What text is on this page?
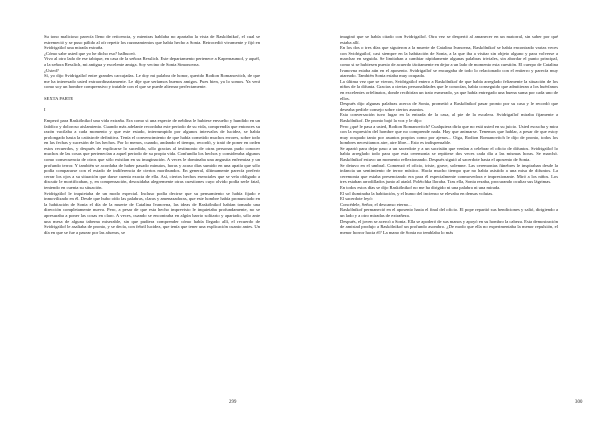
Su tono malicioso parecía lleno de reticencia, y mientras hablaba no apartaba la vista de Raskólnikof, el cual se estremeció y se puso pálido al oír repetir los razonamientos que había hecho a Sonia. Retrocedió vivamente y fijó en Svidrigaïlof una mirada extraña.

¿Cómo sabe usted que yo he dicho eso? balbuceó.

Vivo al otro lado de ese tabique, en casa de la señora Resslich. Este departamento pertenece a Kapernaumof, y aquél, a la señora Resslich, mi antigua y excelente amiga. Soy vecino de Sonia Simonovna.

¿Usted?

Sí, yo dijo Svidrigaïlof entre grandes carcajadas. Le doy mi palabra de honor, querido Rodion Romanovitch, de que me ha interesado usted extraordinariamente. Le dije que seríamos buenos amigos. Pues bien, ya lo somos. Ya verá como soy un hombre comprensivo y tratable con el que se puede alternar perfectamente.

SEXTA PARTE

I

Empezó para Raskólnikof una vida extraña. Era como si una especie de neblina le hubiese envuelto y hundido en un fatídico y doloroso aislamiento. Cuando más adelante recordaba este periodo de su vida, comprendía que entonces su razón vacilaba a cada momento y que este estado, interrumpido por algunos intervalos de lucidez, se había prolongado hasta la catástrofe definitiva. Tenía el convencimiento de que había cometido muchos errores, sobre todo en las fechas y sucesión de los hechos. Por lo menos, cuando, andando el tiempo, recordó, y trató de poner en orden estos recuerdos, y después de explicarse lo sucedido, sólo gracias al testimonio de otras personas pudo conocer muchos de las cosas que pertenecían a aquel periodo de su propia vida. Confundía los hechos y consideraba algunos como consecuencia de otros que sólo existían en su imaginación. A veces le dominaba una angustia enfermiza y un profundo terror. Y también se acordaba de haber pasado minutos, horas y acaso días sumido en una apatía que sólo podía compararse con el estado de indiferencia de ciertos moribundos. En general, últimamente parecía preferir cerrar los ojos a su situación que darse cuenta exacta de ella. Así, ciertos hechos esenciales que se veía obligado a discutir le mortificaban, y, en compensación, descuidaba alegremente otras cuestiones cuyo olvido podía serle fatal, teniendo en cuenta su situación.

Svidrigaïlof le inquietaba de un modo especial. Incluso podía decirse que su pensamiento se había fijado e inmovilizado en él. Desde que hubo oído las palabras, claras y amenazadoras, que este hombre había pronunciado en la habitación de Sonia el día de la muerte de Catalina Ivanovna, las ideas de Raskólnikof habían tomado una dirección completamente nueva. Pero, a pesar de que esta hecho imprevisto le inquietaba profundamente, no se apresuraba a poner las cosas en claro. A veces, cuando se encontraba en algún barrio solitario y apartado, sólo ante una mesa de alguna taberna miserable, sin que pudiera comprender cómo había llegado allí, el recuerdo de Svidrigaïlof le asaltaba de pronto, y se decía, con febril lucidez, que tenía que tener una explicación cuanto antes. Un día en que se fue a pasear por las afueras, se

299

imaginó que se había citado con Svidrigaïlof. Otra vez se despertó al amanecer en un matorral, sin saber por qué estaba allí.

En los dos o tres días que siguieron a la muerte de Catalina Ivanovna, Raskólnikof se había encontrado varias veces con Svidrigaïlof, casi siempre en la habitación de Sonia, a la que iba a visitar sin objeto alguno y para volverse a marchar en seguida. Se limitaban a cambiar rápidamente algunas palabras triviales, sin abordar el punto principal, como si se hubiesen puesto de acuerdo tácitamente en dejar a un lado de momento esta cuestión. El cuerpo de Catalina Ivanovna estaba aún en el aposento. Svidrigaïlof se encargaba de todo lo relacionado con el entierro y parecía muy atareado. También Sonia estaba muy ocupada.

La última vez que se vieron, Svidrigaïlof entero a Raskólnikof de que había arreglado felizmente la situación de los niños de la difunta. Gracias a ciertas personalidades que le conocían, había conseguido que admitieran a los huérfanos en excelentes orfelinatos, donde recibirían un trato esmerado, ya que había entregado una buena suma por cada uno de ellos.

Después dijo algunas palabras acerca de Sonia, prometió a Raskólnikof pasar pronto por su casa y le recordó que deseaba pedirle consejo sobre ciertos asuntos.

Esta conversación tuvo lugar en la entrada de la casa, al pie de la escalera. Svidrigaïlof miraba fijamente a Raskólnikof. De pronto bajó la voz y le dijo:

Pero ¿qué le pasa a usted, Rodion Romanovitch? Cualquiera diría que no está usted en su juicio. Usted escucha y mira con la expresión del hombre que no comprende nada. Hay que animarse. Tenemos que hablar, a pesar de que estoy muy ocupado tanto por asuntos propios como por ajenos... Oiga, Rodion Romanovitch le dijo de pronto, todos los hombres necesitamos aire, aire libre... Esto es indispensable.

Se apartó para dejar paso a un sacerdote y a un sacristán que venían a celebrar el oficio de difuntos. Svidrigaïlof lo había arreglado todo para que esta ceremonia se repitiese dos veces cada día a las mismas horas. Se marchó. Raskólnikof estuvo un momento reflexionando. Después siguió al sacerdote hasta el aposento de Sonia.

Se detuvo en el umbral. Comenzó el oficio, triste, grave, solemne. Las ceremonias fúnebres le inspiraban desde la infancia un sentimiento de terror místico. Hacía mucho tiempo que no había asistido a una misa de difuntos. La ceremonia que estaba presenciando era para él especialmente conmovedora e impresionante. Miró a los niños. Los tres estaban arrodillados junto al ataúd. Polétchka lloraba. Tras ella, Sonia rezaba, procurando ocultar sus lágrimas.

En todos estos días se dijo Raskólnikof no me ha dirigido ni una palabra ni una mirada.

El sol iluminaba la habitación, y el humo del incienso se elevaba en densas volutas.

El sacerdote leyó:

Concédele, Señor, el descanso eterno...

Raskólnikof permaneció en el aposento hasta el final del oficio. El pope repartió sus bendiciones y salió, dirigiendo a un lado y a otro miradas de extrañeza.

Después, el joven se acercó a Sonia. Ella se apoderó de sus manos y apoyó en su hombro la cabeza. Esta demostración de amistad produjo a Raskólnikof un profundo asombro. ¿De modo que ella no experimentaba la menor repulsión, el menor horror hacia él? La mano de Sonia no temblaba lo más

300
